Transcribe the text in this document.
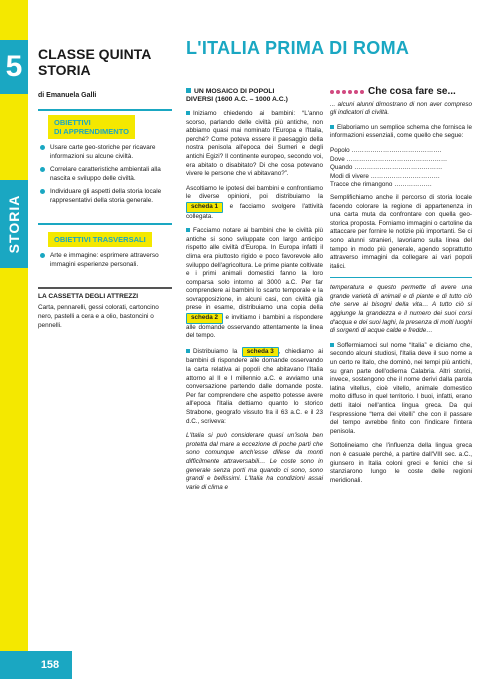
5
STORIA
158
CLASSE QUINTA
STORIA
di Emanuela Galli
OBIETTIVI
DI APPRENDIMENTO
Usare carte geo-storiche per ricavare informazioni su alcune civiltà.
Correlare caratteristiche ambientali alla nascita e sviluppo delle civiltà.
Individuare gli aspetti della storia locale rappresentativi della storia generale.
OBIETTIVI TRASVERSALI
Arte e immagine: esprimere attraverso immagini esperienze personali.
LA CASSETTA DEGLI ATTREZZI
Carta, pennarelli, gessi colorati, cartoncino nero, pastelli a cera e a olio, bastoncini o pennelli.
L'ITALIA PRIMA DI ROMA
UN MOSAICO DI POPOLI
DIVERSI (1600 A.C. – 1000 A.C.)

Iniziamo chiedendo ai bambini: “L'anno scorso, parlando delle civiltà più antiche, non abbiamo quasi mai nominato l'Europa e l'Italia, perché? Come poteva essere il paesaggio della nostra penisola all'epoca dei Sumeri e degli antichi Egizi? Il continente europeo, secondo voi, era abitato o disabitato? Di che cosa potevano vivere le persone che vi abitavano?”.

Ascoltiamo le ipotesi dei bambini e confrontiamo le diverse opinioni, poi distribuiamo la scheda 1 e facciamo svolgere l'attività collegata.

Facciamo notare ai bambini che le civiltà più antiche si sono sviluppate con largo anticipo rispetto alle civiltà d'Europa. In Europa infatti il clima era piuttosto rigido e poco favorevole allo sviluppo dell'agricoltura. Le prime piante coltivate e i primi animali domestici fanno la loro comparsa solo intorno al 3000 a.C. Per far comprendere ai bambini lo scarto temporale e la sovrapposizione, in alcuni casi, con civiltà già prese in esame, distribuiamo una copia della scheda 2 e invitiamo i bambini a rispondere alle domande osservando attentamente la linea del tempo.

Distribuiamo la scheda 3 , chiediamo ai bambini di rispondere alle domande osservando la carta relativa ai popoli che abitavano l'Italia attorno al II e I millennio a.C. e avviamo una conversazione partendo dalle domande poste. Per far comprendere che aspetto potesse avere all'epoca l'Italia dettiamo quanto lo storico Strabone, geografo vissuto fra il 63 a.C. e il 23 d.C., scriveva:

L'Italia si può considerare quasi un'isola ben protetta dal mare a eccezione di poche parti che sono comunque anch'esse difese da monti difficilmente attraversabili… Le coste sono in generale senza porti ma quando ci sono, sono grandi e bellissimi. L'Italia ha condizioni assai varie di clima e

Che cosa fare se...

... alcuni alunni dimostrano di non aver compreso gli indicatori di civiltà.

Elaboriamo un semplice schema che fornisca le informazioni essenziali, come quello che segue:

Popolo …………………………………….

Dove …………………………………………

Quando ……………………………………

Modi di vivere ……………………………

Tracce che rimangono ………………

Semplifichiamo anche il percorso di storia locale facendo colorare la regione di appartenenza in una carta muta da confrontare con quella geo-storica proposta. Forniamo immagini o cartoline da attaccare per fornire le notizie più importanti. Se ci sono alunni stranieri, lavoriamo sulla linea del tempo in modo più generale, agendo soprattutto attraverso immagini da collegare ai vari popoli italici.

temperatura e questo permette di avere una grande varietà di animali e di piante e di tutto ciò che serve ai bisogni della vita… A tutto ciò si aggiunge la grandezza e il numero dei suoi corsi d'acqua e dei suoi laghi, la presenza di molti luoghi di sorgenti di acque calde e fredde…

Soffermiamoci sul nome “Italia” e diciamo che, secondo alcuni studiosi, l'Italia deve il suo nome a un certo re Italo, che dominò, nei tempi più antichi, su gran parte dell'odierna Calabria. Altri storici, invece, sostengono che il nome derivi dalla parola latina vitellus, cioè vitello, animale domestico molto diffuso in quel territorio. I buoi, infatti, erano detti italoi nell'antica lingua greca. Da qui l'espressione “terra dei vitelli” che con il passare del tempo avrebbe finito con l'indicare l'intera penisola.

Sottolineiamo che l'influenza della lingua greca non è casuale perché, a partire dall'VIII sec. a.C., giunsero in Italia coloni greci e fenici che si stanziarono lungo le coste delle regioni meridionali.
